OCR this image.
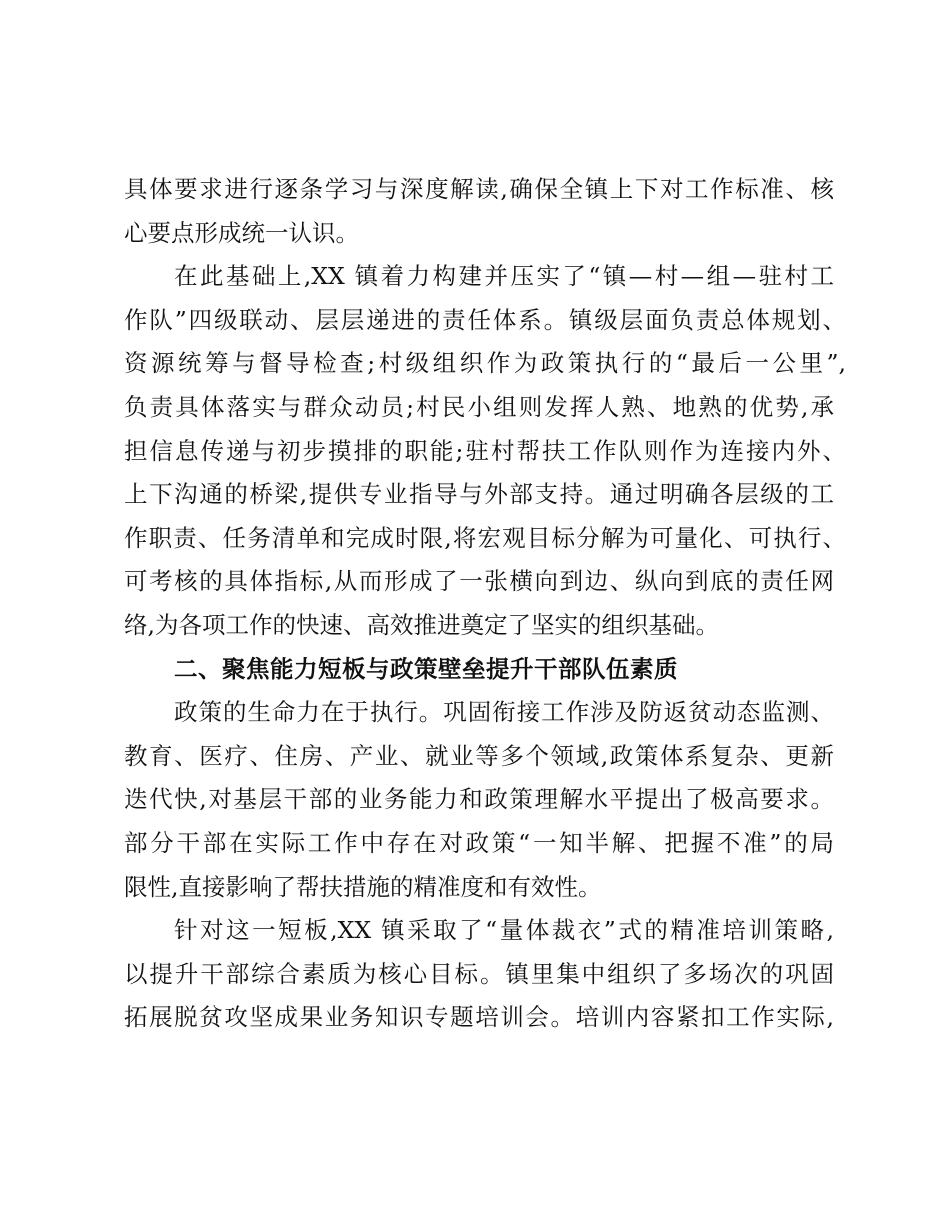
具体要求进行逐条学习与深度解读,确保全镇上下对工作标准、核
心要点形成统一认识。
在此基础上,XX 镇着力构建并压实了“镇—村—组—驻村工
作队”四级联动、层层递进的责任体系。镇级层面负责总体规划、
资源统筹与督导检查;村级组织作为政策执行的“最后一公里”,
负责具体落实与群众动员;村民小组则发挥人熟、地熟的优势,承
担信息传递与初步摸排的职能;驻村帮扶工作队则作为连接内外、
上下沟通的桥梁,提供专业指导与外部支持。通过明确各层级的工
作职责、任务清单和完成时限,将宏观目标分解为可量化、可执行、
可考核的具体指标,从而形成了一张横向到边、纵向到底的责任网
络,为各项工作的快速、高效推进奠定了坚实的组织基础。
二、聚焦能力短板与政策壁垒提升干部队伍素质
政策的生命力在于执行。巩固衔接工作涉及防返贫动态监测、
教育、医疗、住房、产业、就业等多个领域,政策体系复杂、更新
迭代快,对基层干部的业务能力和政策理解水平提出了极高要求。
部分干部在实际工作中存在对政策“一知半解、把握不准”的局
限性,直接影响了帮扶措施的精准度和有效性。
针对这一短板,XX 镇采取了“量体裁衣”式的精准培训策略,
以提升干部综合素质为核心目标。镇里集中组织了多场次的巩固
拓展脱贫攻坚成果业务知识专题培训会。培训内容紧扣工作实际,
